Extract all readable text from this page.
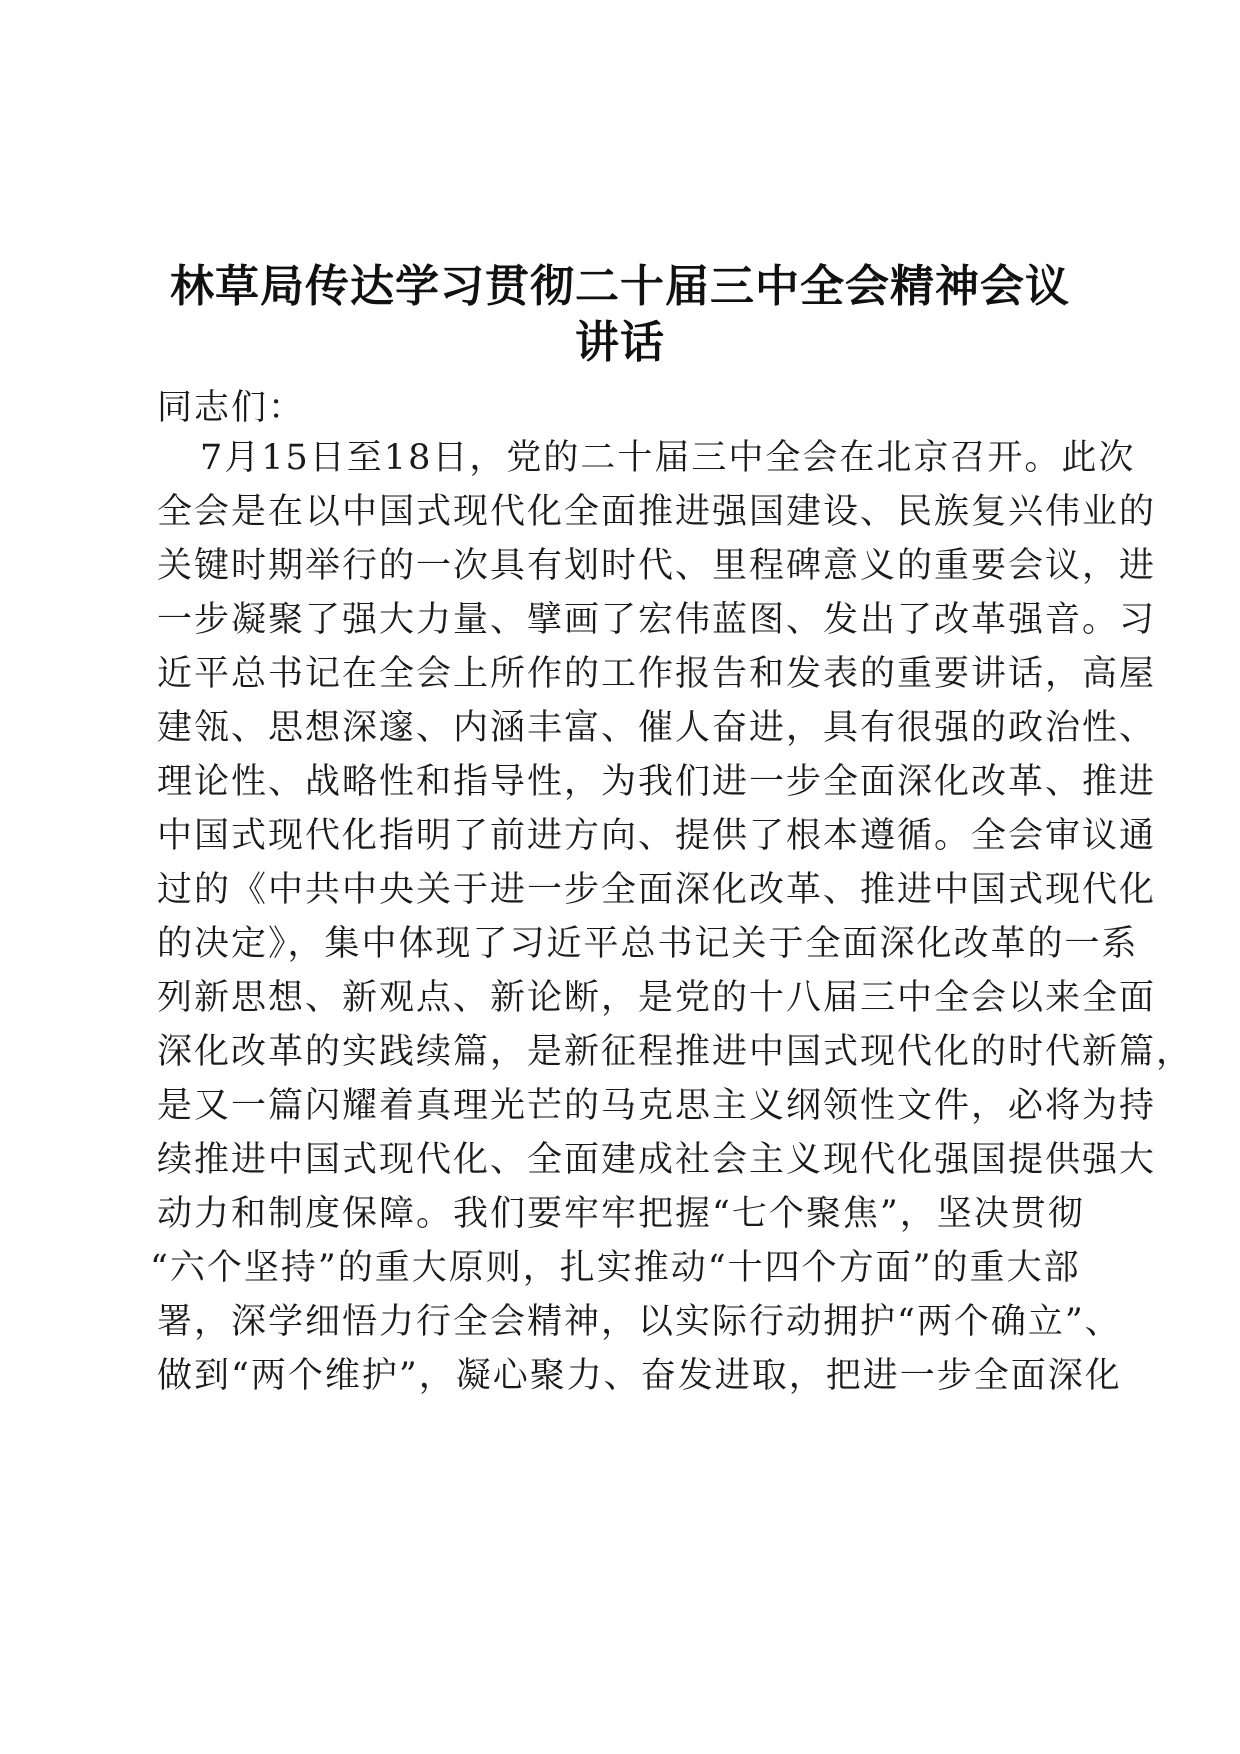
林草局传达学习贯彻二十届三中全会精神会议
讲话
同志们：
7月15日至18日，党的二十届三中全会在北京召开。此次
全会是在以中国式现代化全面推进强国建设、民族复兴伟业的
关键时期举行的一次具有划时代、里程碑意义的重要会议，进
一步凝聚了强大力量、擘画了宏伟蓝图、发出了改革强音。习
近平总书记在全会上所作的工作报告和发表的重要讲话，高屋
建瓴、思想深邃、内涵丰富、催人奋进，具有很强的政治性、
理论性、战略性和指导性，为我们进一步全面深化改革、推进
中国式现代化指明了前进方向、提供了根本遵循。全会审议通
过的《中共中央关于进一步全面深化改革、推进中国式现代化
的决定》，集中体现了习近平总书记关于全面深化改革的一系
列新思想、新观点、新论断，是党的十八届三中全会以来全面
深化改革的实践续篇，是新征程推进中国式现代化的时代新篇，
是又一篇闪耀着真理光芒的马克思主义纲领性文件，必将为持
续推进中国式现代化、全面建成社会主义现代化强国提供强大
动力和制度保障。我们要牢牢把握“七个聚焦”，坚决贯彻
“六个坚持”的重大原则，扎实推动“十四个方面”的重大部
署，深学细悟力行全会精神，以实际行动拥护“两个确立”、
做到“两个维护”，凝心聚力、奋发进取，把进一步全面深化
